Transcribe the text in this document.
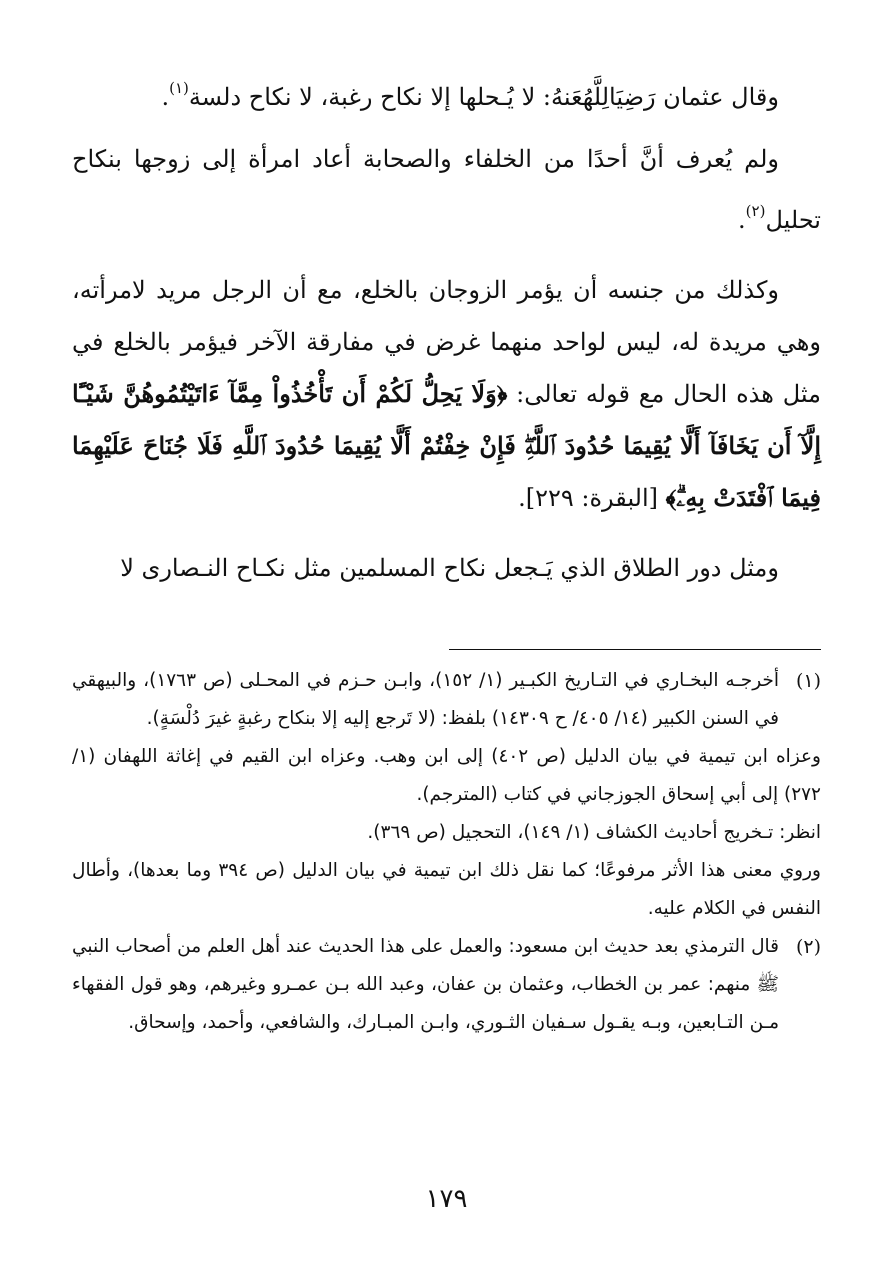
وقال عثمان رَضِيَالِلَّهُعَنهُ: لا يُـحلها إلا نكاح رغبة، لا نكاح دلسة$^{(١)}$.

ولم يُعرف أنَّ أحدًا من الخلفاء والصحابة أعاد امرأة إلى زوجها بنكاح تحليل$^{(٢)}$.

وكذلك من جنسه أن يؤمر الزوجان بالخلع، مع أن الرجل مريد لامرأته، وهي مريدة له، ليس لواحد منهما غرض في مفارقة الآخر فيؤمر بالخلع في مثل هذه الحال مع قوله تعالى: ﴿وَلَا يَحِلُّ لَكُمْ أَن تَأْخُذُواْ مِمَّآ ءَاتَيْتُمُوهُنَّ شَيْـًٔا إِلَّآ أَن يَخَافَآ أَلَّا يُقِيمَا حُدُودَ ٱللَّهِۖ فَإِنْ خِفْتُمْ أَلَّا يُقِيمَا حُدُودَ ٱللَّهِ فَلَا جُنَاحَ عَلَيْهِمَا فِيمَا ٱفْتَدَتْ بِهِۦۗ﴾ [البقرة: ٢٢٩].

ومثل دور الطلاق الذي يَـجعل نكاح المسلمين مثل نكـاح النـصارى لا

(١)

أخرجـه البخـاري في التـاريخ الكبـير (١/ ١٥٢)، وابـن حـزم في المحـلى (ص ١٧٦٣)، والبيهقي في السنن الكبير (١٤/ ٤٠٥/ ح ١٤٣٠٩) بلفظ: (لا تَرجع إليه إلا بنكاح رغبةٍ غيرَ دُلْسَةٍ).

وعزاه ابن تيمية في بيان الدليل (ص ٤٠٢) إلى ابن وهب. وعزاه ابن القيم في إغاثة اللهفان (١/ ٢٧٢) إلى أبي إسحاق الجوزجاني في كتاب (المترجم).

انظر: تـخريج أحاديث الكشاف (١/ ١٤٩)، التحجيل (ص ٣٦٩).

وروي معنى هذا الأثر مرفوعًا؛ كما نقل ذلك ابن تيمية في بيان الدليل (ص ٣٩٤ وما بعدها)، وأطال النفس في الكلام عليه.

(٢)

قال الترمذي بعد حديث ابن مسعود: والعمل على هذا الحديث عند أهل العلم من أصحاب النبي ﷺ منهم: عمر بن الخطاب، وعثمان بن عفان، وعبد الله بـن عمـرو وغيرهم، وهو قول الفقهاء مـن التـابعين، وبـه يقـول سـفيان الثـوري، وابـن المبـارك، والشافعي، وأحمد، وإسحاق.

١٧٩
